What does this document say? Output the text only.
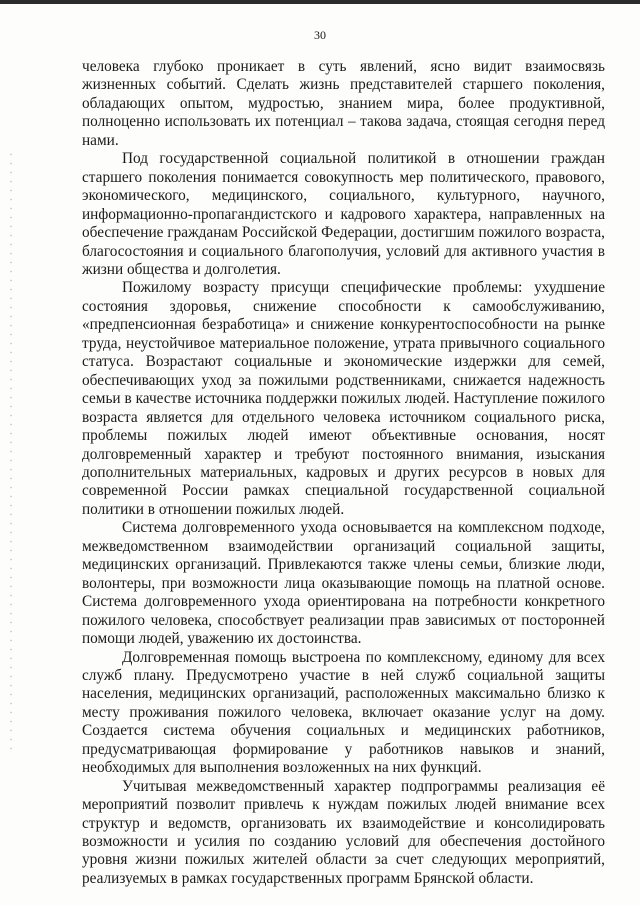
30

человека глубоко проникает в суть явлений, ясно видит взаимосвязь жизненных событий. Сделать жизнь представителей старшего поколения, обладающих опытом, мудростью, знанием мира, более продуктивной, полноценно использовать их потенциал – такова задача, стоящая сегодня перед нами.

Под государственной социальной политикой в отношении граждан старшего поколения понимается совокупность мер политического, правового, экономического, медицинского, социального, культурного, научного, информационно-пропагандистского и кадрового характера, направленных на обеспечение гражданам Российской Федерации, достигшим пожилого возраста, благосостояния и социального благополучия, условий для активного участия в жизни общества и долголетия.

Пожилому возрасту присущи специфические проблемы: ухудшение состояния здоровья, снижение способности к самообслуживанию, «предпенсионная безработица» и снижение конкурентоспособности на рынке труда, неустойчивое материальное положение, утрата привычного социального статуса. Возрастают социальные и экономические издержки для семей, обеспечивающих уход за пожилыми родственниками, снижается надежность семьи в качестве источника поддержки пожилых людей. Наступление пожилого возраста является для отдельного человека источником социального риска, проблемы пожилых людей имеют объективные основания, носят долговременный характер и требуют постоянного внимания, изыскания дополнительных материальных, кадровых и других ресурсов в новых для современной России рамках специальной государственной социальной политики в отношении пожилых людей.

Система долговременного ухода основывается на комплексном подходе, межведомственном взаимодействии организаций социальной защиты, медицинских организаций. Привлекаются также члены семьи, близкие люди, волонтеры, при возможности лица оказывающие помощь на платной основе. Система долговременного ухода ориентирована на потребности конкретного пожилого человека, способствует реализации прав зависимых от посторонней помощи людей, уважению их достоинства.

Долговременная помощь выстроена по комплексному, единому для всех служб плану. Предусмотрено участие в ней служб социальной защиты населения, медицинских организаций, расположенных максимально близко к месту проживания пожилого человека, включает оказание услуг на дому. Создается система обучения социальных и медицинских работников, предусматривающая формирование у работников навыков и знаний, необходимых для выполнения возложенных на них функций.

Учитывая межведомственный характер подпрограммы реализация её мероприятий позволит привлечь к нуждам пожилых людей внимание всех структур и ведомств, организовать их взаимодействие и консолидировать возможности и усилия по созданию условий для обеспечения достойного уровня жизни пожилых жителей области за счет следующих мероприятий, реализуемых в рамках государственных программ Брянской области.
